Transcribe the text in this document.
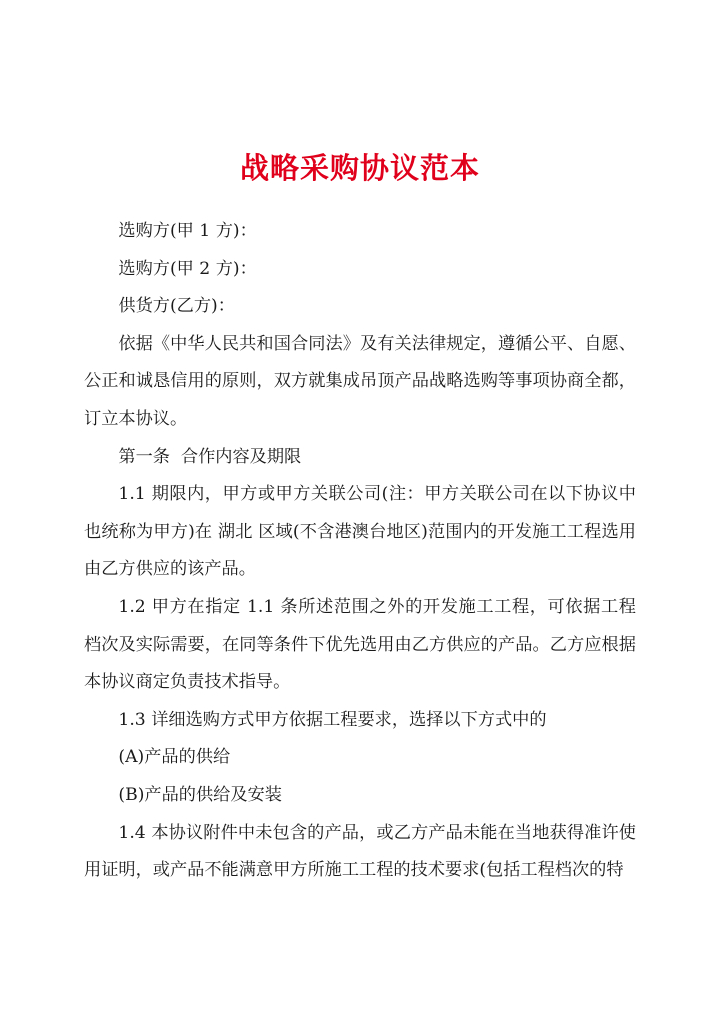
战略采购协议范本

选购方(甲 1 方)：

选购方(甲 2 方)：

供货方(乙方)：

依据《中华人民共和国合同法》及有关法律规定，遵循公平、自愿、公正和诚恳信用的原则，双方就集成吊顶产品战略选购等事项协商全都，订立本协议。

第一条  合作内容及期限

1.1 期限内，甲方或甲方关联公司(注：甲方关联公司在以下协议中也统称为甲方)在 湖北 区域(不含港澳台地区)范围内的开发施工工程选用由乙方供应的该产品。

1.2 甲方在指定 1.1 条所述范围之外的开发施工工程，可依据工程档次及实际需要，在同等条件下优先选用由乙方供应的产品。乙方应根据本协议商定负责技术指导。

1.3 详细选购方式甲方依据工程要求，选择以下方式中的

(A)产品的供给

(B)产品的供给及安装

1.4 本协议附件中未包含的产品，或乙方产品未能在当地获得准许使用证明，或产品不能满意甲方所施工工程的技术要求(包括工程档次的特
